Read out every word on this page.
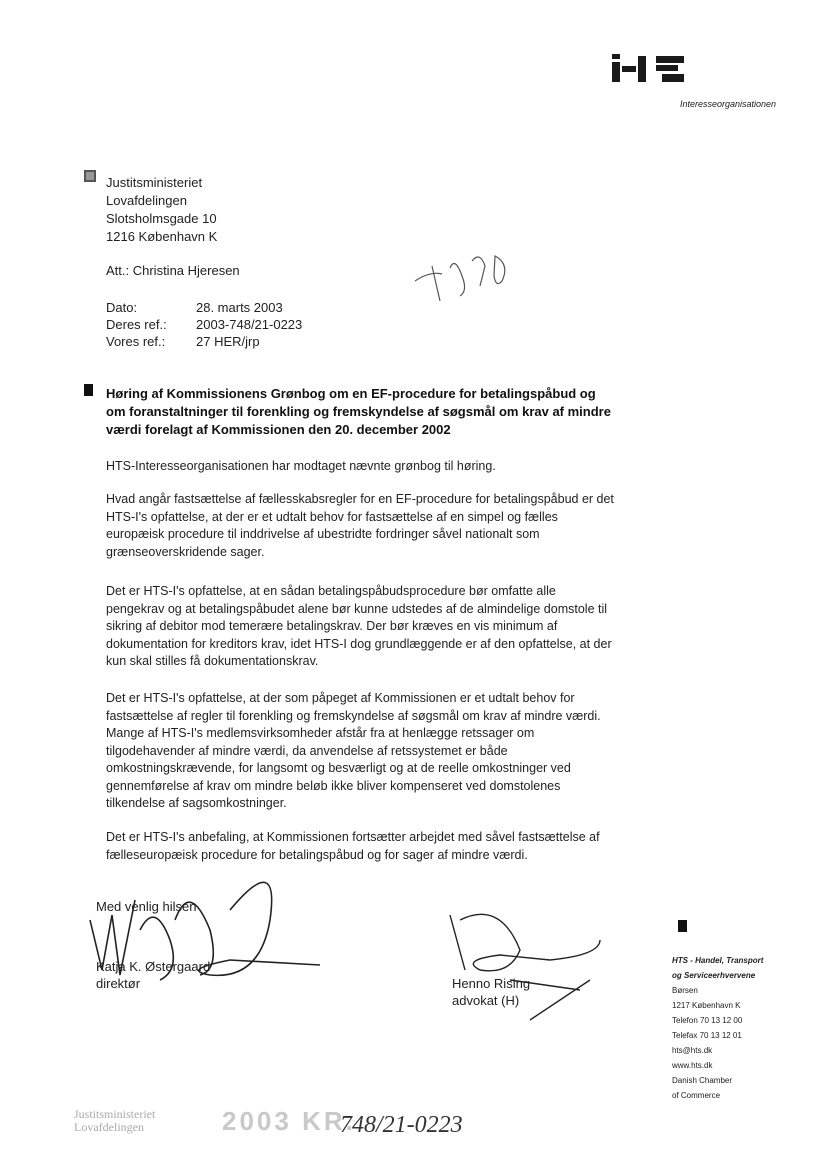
Interesseorganisationen
Justitsministeriet
Lovafdelingen
Slotsholmsgade 10
1216 København K
Att.: Christina Hjeresen
Dato:	28. marts 2003
Deres ref.:	2003-748/21-0223
Vores ref.:	27 HER/jrp
Høring af Kommissionens Grønbog om en EF-procedure for betalingspåbud og om foranstaltninger til forenkling og fremskyndelse af søgsmål om krav af mindre værdi forelagt af Kommissionen den 20. december 2002
HTS-Interesseorganisationen har modtaget nævnte grønbog til høring.
Hvad angår fastsættelse af fællesskabsregler for en EF-procedure for betalingspåbud er det HTS-I's opfattelse, at der er et udtalt behov for fastsættelse af en simpel og fælles europæisk procedure til inddrivelse af ubestridte fordringer såvel nationalt som grænseoverskridende sager.
Det er HTS-I's opfattelse, at en sådan betalingspåbudsprocedure bør omfatte alle pengekrav og at betalingspåbudet alene bør kunne udstedes af de almindelige domstole til sikring af debitor mod temerære betalingskrav. Der bør kræves en vis minimum af dokumentation for kreditors krav, idet HTS-I dog grundlæggende er af den opfattelse, at der kun skal stilles få dokumentationskrav.
Det er HTS-I's opfattelse, at der som påpeget af Kommissionen er et udtalt behov for fastsættelse af regler til forenkling og fremskyndelse af søgsmål om krav af mindre værdi. Mange af HTS-I's medlemsvirksomheder afstår fra at henlægge retssager om tilgodehavender af mindre værdi, da anvendelse af retssystemet er både omkostningskrævende, for langsomt og besværligt og at de reelle omkostninger ved gennemførelse af krav om mindre beløb ikke bliver kompenseret ved domstolenes tilkendelse af sagsomkostninger.
Det er HTS-I's anbefaling, at Kommissionen fortsætter arbejdet med såvel fastsættelse af fælleseuropæisk procedure for betalingspåbud og for sager af mindre værdi.
Med venlig hilsen
Katja K. Østergaard
direktør	Henno Rising
advokat (H)
HTS - Handel, Transport
og Serviceerhvervene
Børsen
1217 København K
Telefon 70 13 12 00
Telefax 70 13 12 01
hts@hts.dk
www.hts.dk
Danish Chamber
of Commerce
Justitsministeriet
Lovafdelingen	2003 KR.
748/21-0223
